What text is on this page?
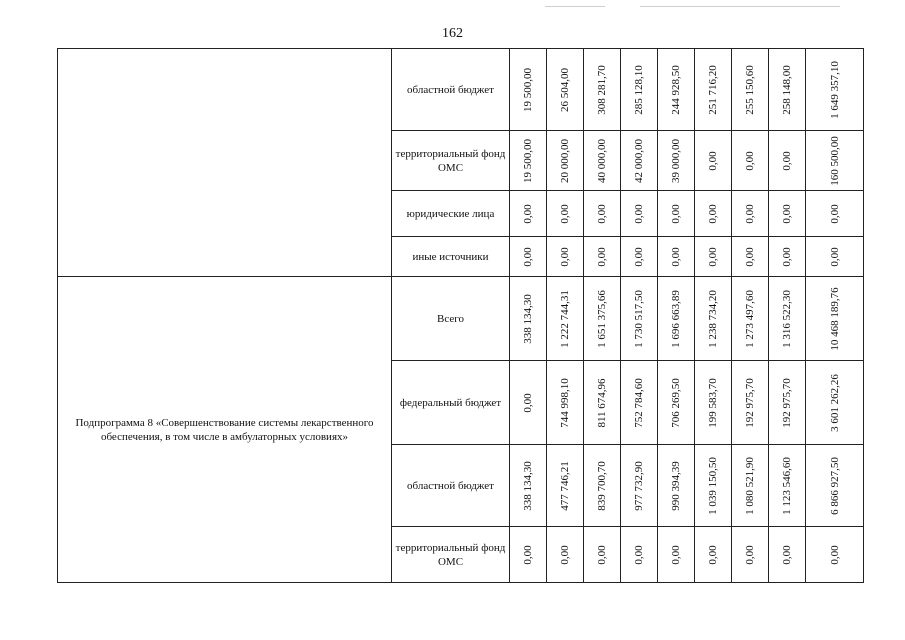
162
	областной бюджет	19 500,00	26 504,00	308 281,70	285 128,10	244 928,50	251 716,20	255 150,60	258 148,00	1 649 357,10

	территориальный фонд ОМС	19 500,00	20 000,00	40 000,00	42 000,00	39 000,00	0,00	0,00	0,00	160 500,00

	юридические лица	0,00	0,00	0,00	0,00	0,00	0,00	0,00	0,00	0,00

	иные источники	0,00	0,00	0,00	0,00	0,00	0,00	0,00	0,00	0,00

Подпрограмма 8 «Совершенствование системы лекарственного обеспечения, в том числе в амбулаторных условиях»	Всего	338 134,30	1 222 744,31	1 651 375,66	1 730 517,50	1 696 663,89	1 238 734,20	1 273 497,60	1 316 522,30	10 468 189,76

	федеральный бюджет	0,00	744 998,10	811 674,96	752 784,60	706 269,50	199 583,70	192 975,70	192 975,70	3 601 262,26

	областной бюджет	338 134,30	477 746,21	839 700,70	977 732,90	990 394,39	1 039 150,50	1 080 521,90	1 123 546,60	6 866 927,50

	территориальный фонд ОМС	0,00	0,00	0,00	0,00	0,00	0,00	0,00	0,00	0,00
